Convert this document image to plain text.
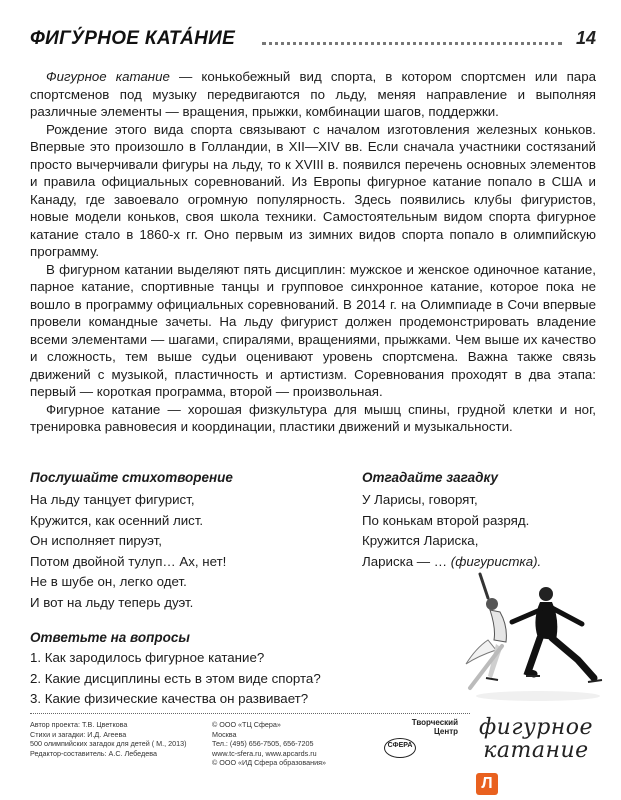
ФИГУ́РНОЕ КАТА́НИЕ	14

Фигурное катание — конькобежный вид спорта, в котором спортсмен или пара спортсменов под музыку передвигаются по льду, меняя направление и выполняя различные элементы — вращения, прыжки, комбинации шагов, поддержки.

Рождение этого вида спорта связывают с началом изготовления железных коньков. Впервые это произошло в Голландии, в XII—XIV вв. Если сначала участники состязаний просто вычерчивали фигуры на льду, то к XVIII в. появился перечень основных элементов и правила официальных соревнований. Из Европы фигурное катание попало в США и Канаду, где завоевало огромную популярность. Здесь появились клубы фигуристов, новые модели коньков, своя школа техники. Самостоятельным видом спорта фигурное катание стало в 1860-х гг. Оно первым из зимних видов спорта попало в олимпийскую программу.

В фигурном катании выделяют пять дисциплин: мужское и женское одиночное катание, парное катание, спортивные танцы и групповое синхронное катание, которое пока не вошло в программу официальных соревнований. В 2014 г. на Олимпиаде в Сочи впервые провели командные зачеты. На льду фигурист должен продемонстрировать владение всеми элементами — шагами, спиралями, вращениями, прыжками. Чем выше их качество и сложность, тем выше судьи оценивают уровень спортсмена. Важна также связь движений с музыкой, пластичность и артистизм. Соревнования проходят в два этапа: первый — короткая программа, второй — произвольная.

Фигурное катание — хорошая физкультура для мышц спины, грудной клетки и ног, тренировка равновесия и координации, пластики движений и музыкальности.

Послушайте стихотворение
На льду танцует фигурист,
Кружится, как осенний лист.
Он исполняет пируэт,
Потом двойной тулуп… Ах, нет!
Не в шубе он, легко одет.
И вот на льду теперь дуэт.
Отгадайте загадку
У Ларисы, говорят,
По конькам второй разряд.
Кружится Лариска,
Лариска — … (фигуристка).
Ответьте на вопросы
1. Как зародилось фигурное катание?
2. Какие дисциплины есть в этом виде спорта?
3. Какие физические качества он развивает?
Автор проекта: Т.В. Цветкова
Стихи и загадки: И.Д. Агеева
500 олимпийских загадок для детей ( М., 2013)
Редактор-составитель: А.С. Лебедева
© ООО «ТЦ Сфера»
Москва
Тел.: (495) 656-7505, 656-7205
www.tc-sfera.ru, www.apcards.ru
© ООО «ИД Сфера образования»
Творческий
Центр
СФЕРА
фигурное
катание
Л
